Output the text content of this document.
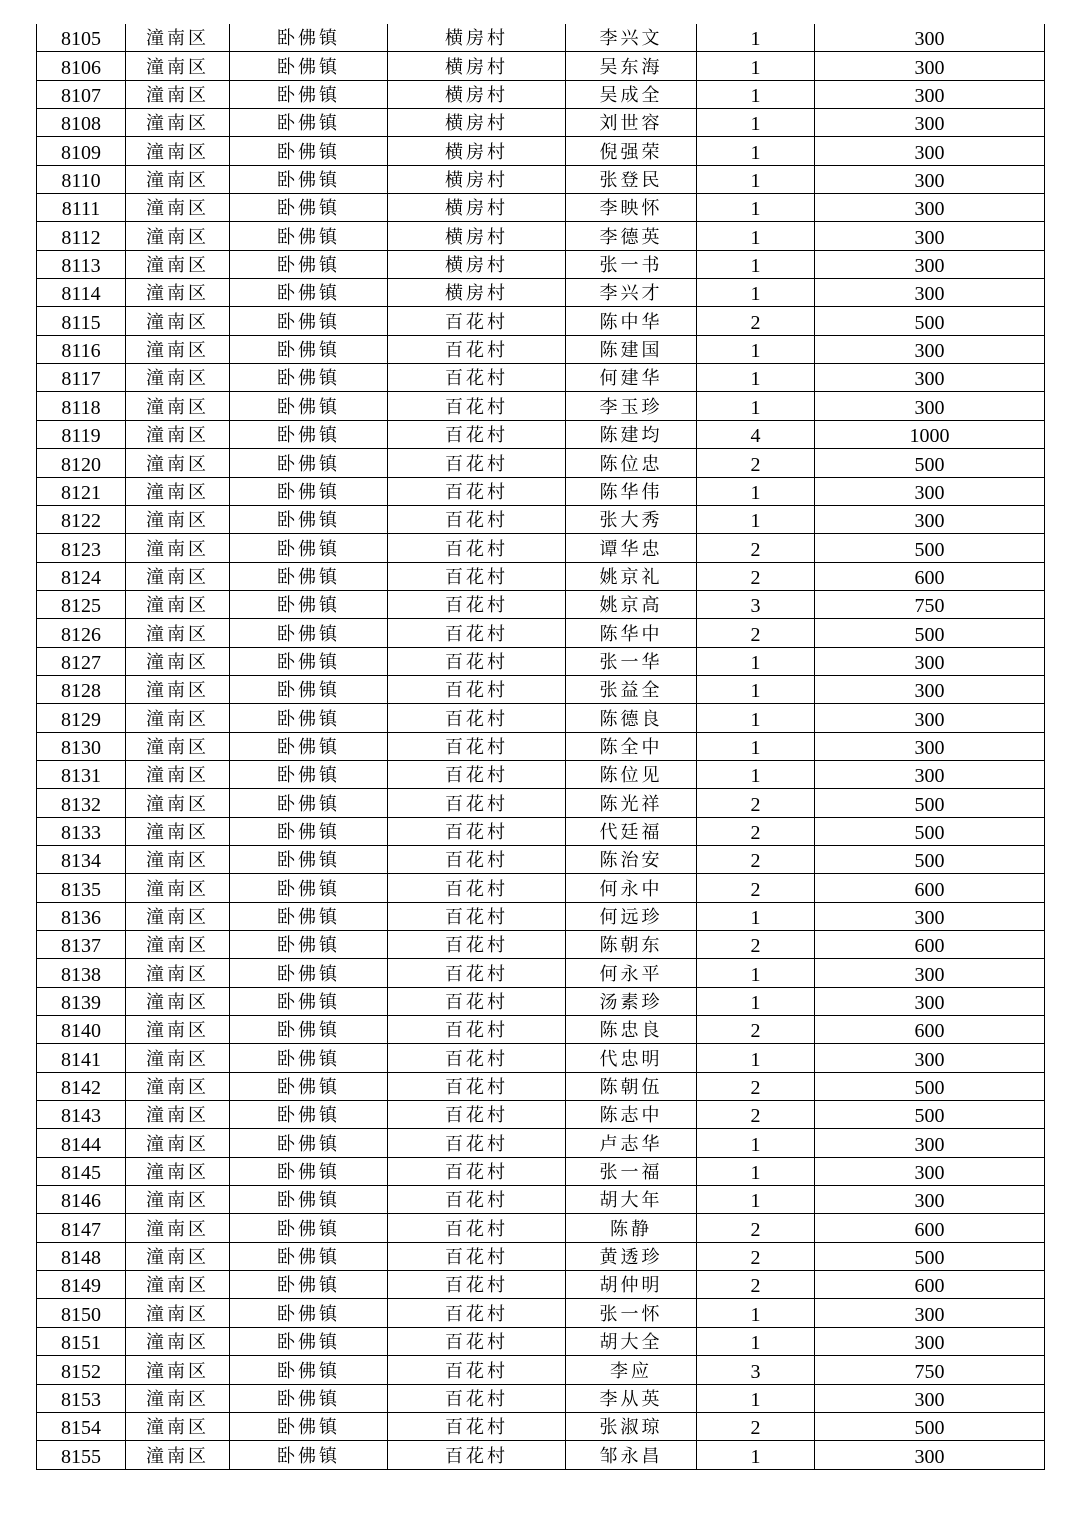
8105	潼南区	卧佛镇	横房村	李兴文	1	300
8106	潼南区	卧佛镇	横房村	吴东海	1	300
8107	潼南区	卧佛镇	横房村	吴成全	1	300
8108	潼南区	卧佛镇	横房村	刘世容	1	300
8109	潼南区	卧佛镇	横房村	倪强荣	1	300
8110	潼南区	卧佛镇	横房村	张登民	1	300
8111	潼南区	卧佛镇	横房村	李映怀	1	300
8112	潼南区	卧佛镇	横房村	李德英	1	300
8113	潼南区	卧佛镇	横房村	张一书	1	300
8114	潼南区	卧佛镇	横房村	李兴才	1	300
8115	潼南区	卧佛镇	百花村	陈中华	2	500
8116	潼南区	卧佛镇	百花村	陈建国	1	300
8117	潼南区	卧佛镇	百花村	何建华	1	300
8118	潼南区	卧佛镇	百花村	李玉珍	1	300
8119	潼南区	卧佛镇	百花村	陈建均	4	1000
8120	潼南区	卧佛镇	百花村	陈位忠	2	500
8121	潼南区	卧佛镇	百花村	陈华伟	1	300
8122	潼南区	卧佛镇	百花村	张大秀	1	300
8123	潼南区	卧佛镇	百花村	谭华忠	2	500
8124	潼南区	卧佛镇	百花村	姚京礼	2	600
8125	潼南区	卧佛镇	百花村	姚京高	3	750
8126	潼南区	卧佛镇	百花村	陈华中	2	500
8127	潼南区	卧佛镇	百花村	张一华	1	300
8128	潼南区	卧佛镇	百花村	张益全	1	300
8129	潼南区	卧佛镇	百花村	陈德良	1	300
8130	潼南区	卧佛镇	百花村	陈全中	1	300
8131	潼南区	卧佛镇	百花村	陈位见	1	300
8132	潼南区	卧佛镇	百花村	陈光祥	2	500
8133	潼南区	卧佛镇	百花村	代廷福	2	500
8134	潼南区	卧佛镇	百花村	陈治安	2	500
8135	潼南区	卧佛镇	百花村	何永中	2	600
8136	潼南区	卧佛镇	百花村	何远珍	1	300
8137	潼南区	卧佛镇	百花村	陈朝东	2	600
8138	潼南区	卧佛镇	百花村	何永平	1	300
8139	潼南区	卧佛镇	百花村	汤素珍	1	300
8140	潼南区	卧佛镇	百花村	陈忠良	2	600
8141	潼南区	卧佛镇	百花村	代忠明	1	300
8142	潼南区	卧佛镇	百花村	陈朝伍	2	500
8143	潼南区	卧佛镇	百花村	陈志中	2	500
8144	潼南区	卧佛镇	百花村	卢志华	1	300
8145	潼南区	卧佛镇	百花村	张一福	1	300
8146	潼南区	卧佛镇	百花村	胡大年	1	300
8147	潼南区	卧佛镇	百花村	陈静	2	600
8148	潼南区	卧佛镇	百花村	黄透珍	2	500
8149	潼南区	卧佛镇	百花村	胡仲明	2	600
8150	潼南区	卧佛镇	百花村	张一怀	1	300
8151	潼南区	卧佛镇	百花村	胡大全	1	300
8152	潼南区	卧佛镇	百花村	李应	3	750
8153	潼南区	卧佛镇	百花村	李从英	1	300
8154	潼南区	卧佛镇	百花村	张淑琼	2	500
8155	潼南区	卧佛镇	百花村	邹永昌	1	300
